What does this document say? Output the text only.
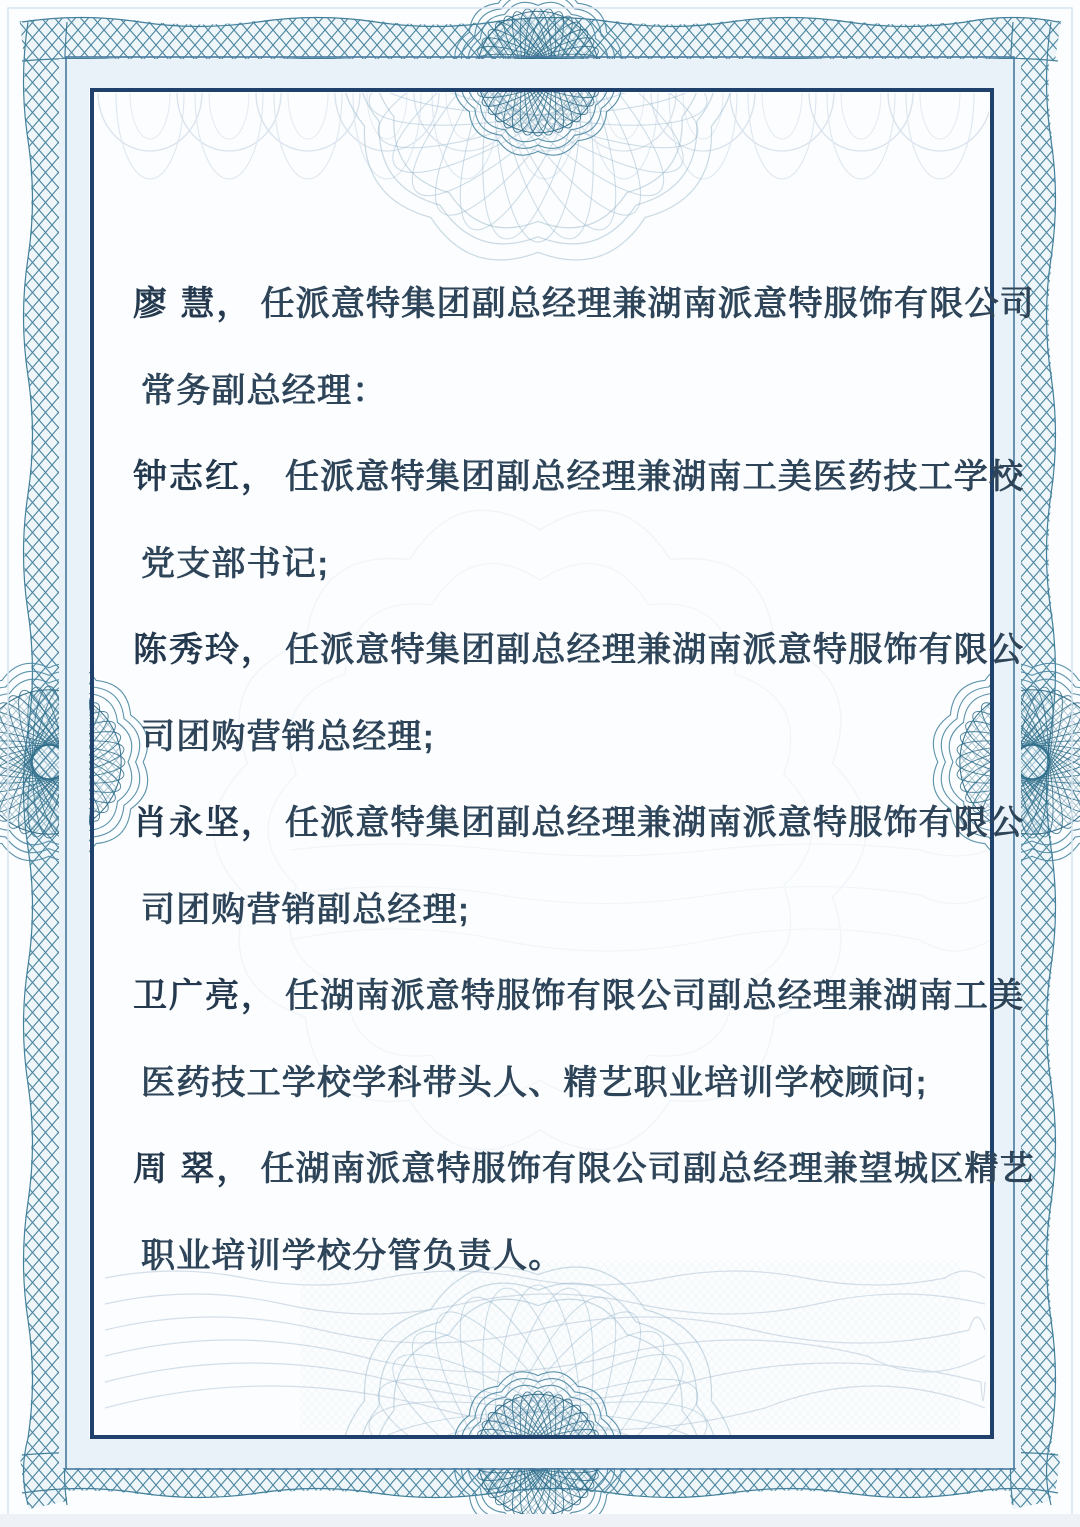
廖 慧， 任派意特集团副总经理兼湖南派意特服饰有限公司
常务副总经理：
钟志红， 任派意特集团副总经理兼湖南工美医药技工学校
党支部书记;
陈秀玲， 任派意特集团副总经理兼湖南派意特服饰有限公
司团购营销总经理;
肖永坚， 任派意特集团副总经理兼湖南派意特服饰有限公
司团购营销副总经理;
卫广亮， 任湖南派意特服饰有限公司副总经理兼湖南工美
医药技工学校学科带头人、精艺职业培训学校顾问;
周 翠， 任湖南派意特服饰有限公司副总经理兼望城区精艺
职业培训学校分管负责人。
